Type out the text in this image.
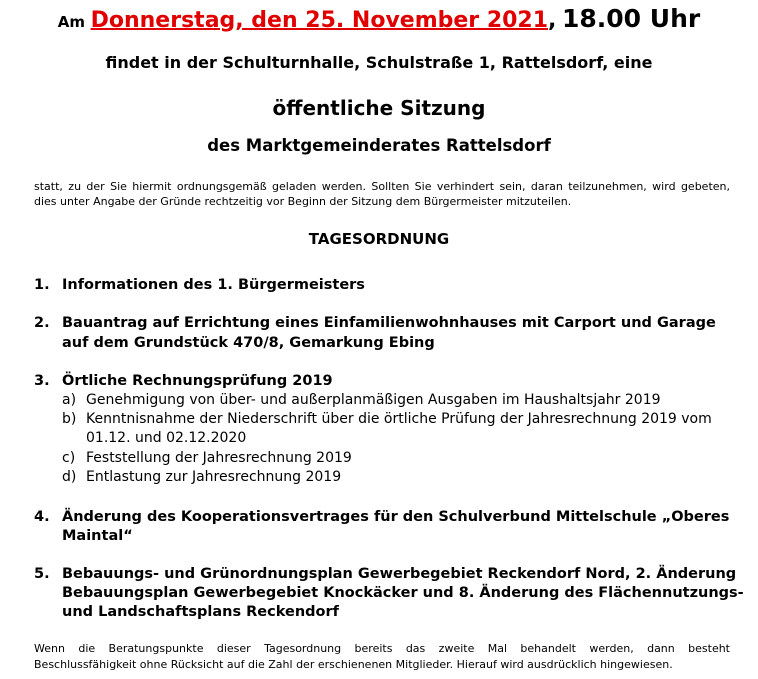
Am Donnerstag, den 25. November 2021, 18.00 Uhr
findet in der Schulturnhalle, Schulstraße 1, Rattelsdorf, eine
öffentliche Sitzung
des Marktgemeinderates Rattelsdorf
statt, zu der Sie hiermit ordnungsgemäß geladen werden. Sollten Sie verhindert sein, daran teilzunehmen, wird gebeten,
dies unter Angabe der Gründe rechtzeitig vor Beginn der Sitzung dem Bürgermeister mitzuteilen.
TAGESORDNUNG
1. Informationen des 1. Bürgermeisters
2. Bauantrag auf Errichtung eines Einfamilienwohnhauses mit Carport und Garage
auf dem Grundstück 470/8, Gemarkung Ebing
3. Örtliche Rechnungsprüfung 2019
a) Genehmigung von über- und außerplanmäßigen Ausgaben im Haushaltsjahr 2019
b) Kenntnisnahme der Niederschrift über die örtliche Prüfung der Jahresrechnung 2019 vom
01.12. und 02.12.2020
c) Feststellung der Jahresrechnung 2019
d) Entlastung zur Jahresrechnung 2019
4. Änderung des Kooperationsvertrages für den Schulverbund Mittelschule „Oberes
Maintal“
5. Bebauungs- und Grünordnungsplan Gewerbegebiet Reckendorf Nord, 2. Änderung
Bebauungsplan Gewerbegebiet Knockäcker und 8. Änderung des Flächennutzungs-
und Landschaftsplans Reckendorf
Wenn die Beratungspunkte dieser Tagesordnung bereits das zweite Mal behandelt werden, dann besteht
Beschlussfähigkeit ohne Rücksicht auf die Zahl der erschienenen Mitglieder. Hierauf wird ausdrücklich hingewiesen.
